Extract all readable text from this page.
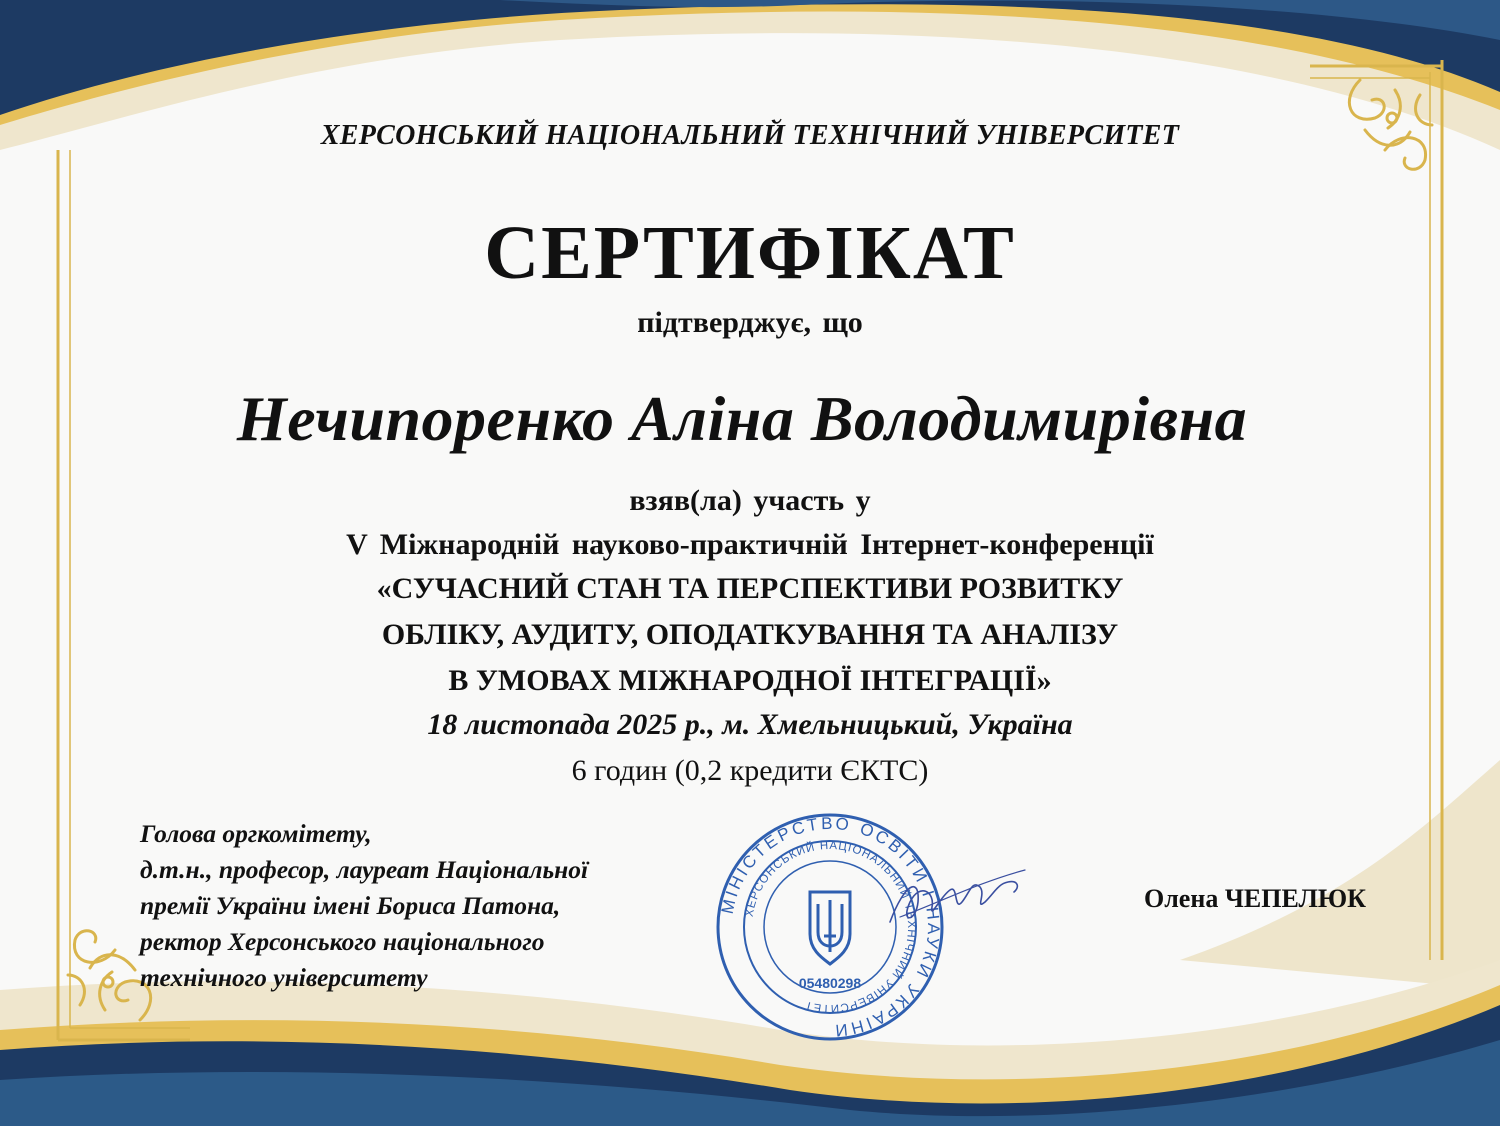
ХЕРСОНСЬКИЙ НАЦІОНАЛЬНИЙ ТЕХНІЧНИЙ УНІВЕРСИТЕТ

СЕРТИФІКАТ

підтверджує, що

Нечипоренко Аліна Володимирівна

взяв(ла) участь у

V Міжнародній науково-практичній Інтернет-конференції

«СУЧАСНИЙ СТАН ТА ПЕРСПЕКТИВИ РОЗВИТКУ

ОБЛІКУ, АУДИТУ, ОПОДАТКУВАННЯ ТА АНАЛІЗУ

В УМОВАХ МІЖНАРОДНОЇ ІНТЕГРАЦІЇ»

18 листопада 2025 р., м. Хмельницький, Україна

6 годин (0,2 кредити ЄКТС)

Голова оргкомітету,
д.т.н., професор, лауреат Національної
премії України імені Бориса Патона,
ректор Херсонського національного
технічного університету

Олена ЧЕПЕЛЮК

МІНІСТЕРСТВО ОСВІТИ І НАУКИ УКРАЇНИ
ХЕРСОНСЬКИЙ НАЦІОНАЛЬНИЙ ТЕХНІЧНИЙ УНІВЕРСИТЕТ
05480298
